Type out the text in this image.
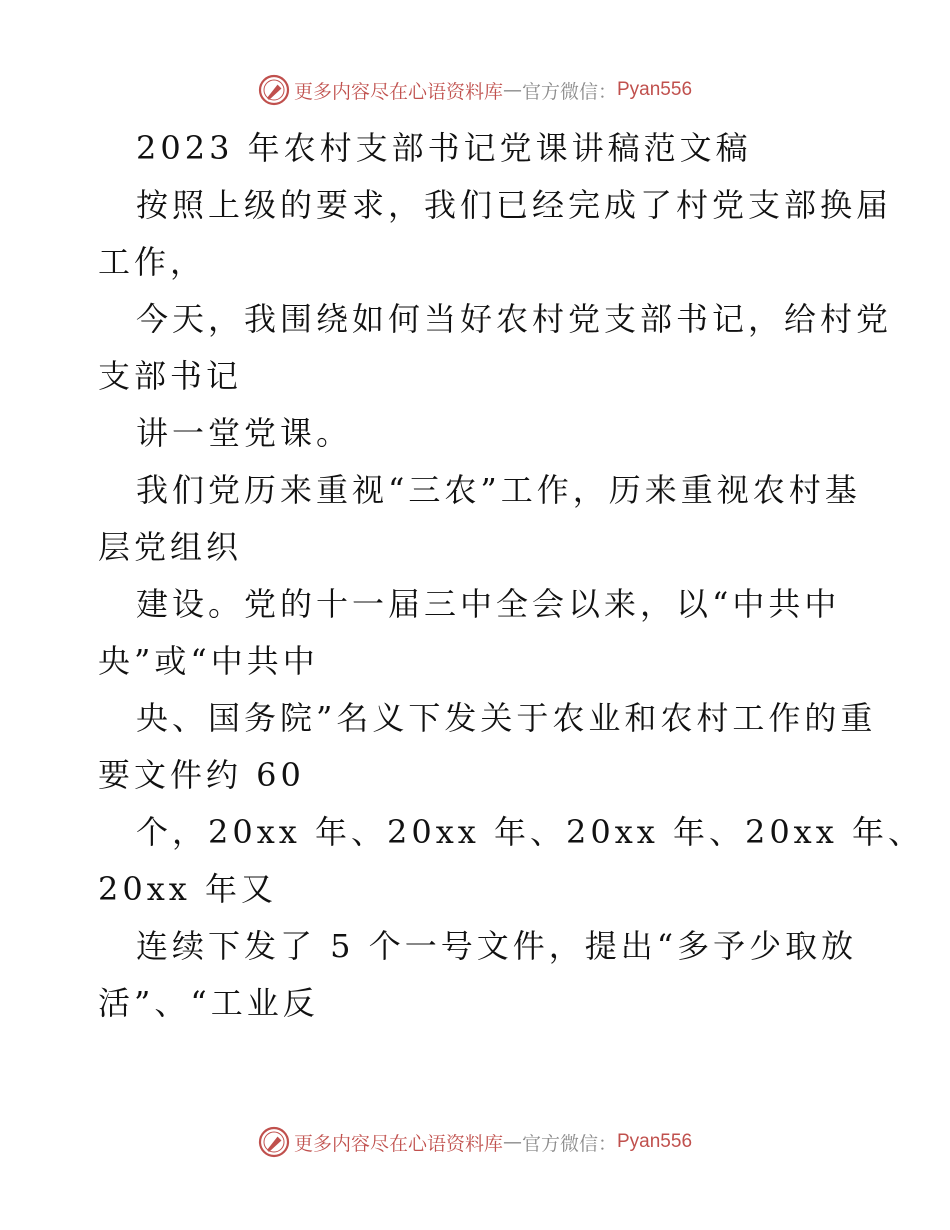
更多内容尽在心语资料库 — 官方微信： Pyan556
2023 年农村支部书记党课讲稿范文稿
按照上级的要求，我们已经完成了村党支部换届
工作，
今天，我围绕如何当好农村党支部书记，给村党
支部书记
讲一堂党课。
我们党历来重视“三农”工作，历来重视农村基
层党组织
建设。党的十一届三中全会以来，以“中共中
央”或“中共中
央、国务院”名义下发关于农业和农村工作的重
要文件约 60
个，20xx 年、20xx 年、20xx 年、20xx 年、
20xx 年又
连续下发了 5 个一号文件，提出“多予少取放
活”、“工业反
更多内容尽在心语资料库 — 官方微信： Pyan556
